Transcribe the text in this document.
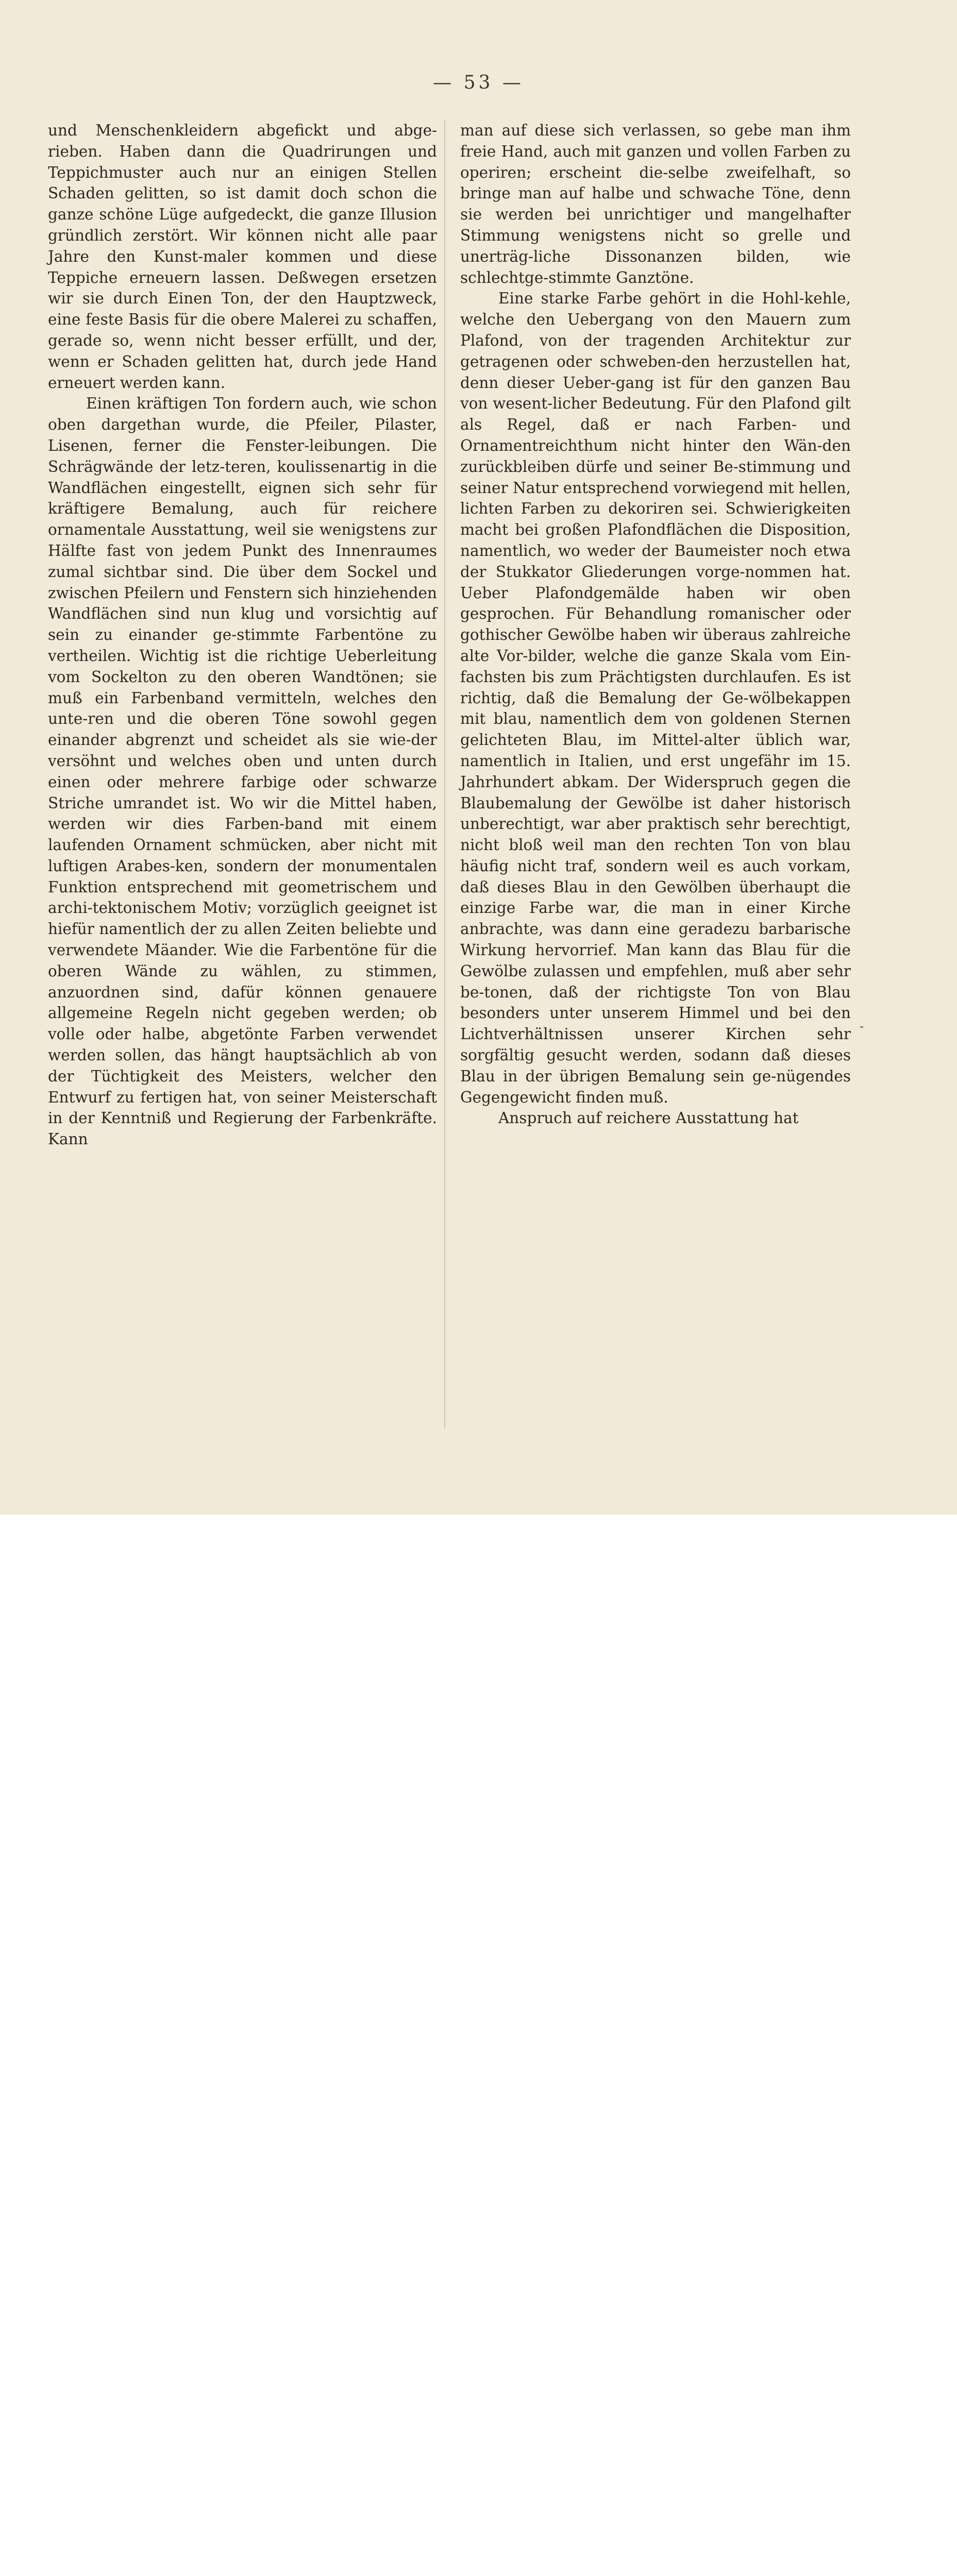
— 53 —

und Menschenkleidern abgefickt und abge-rieben. Haben dann die Quadrirungen und Teppichmuster auch nur an einigen Stellen Schaden gelitten, so ist damit doch schon die ganze schöne Lüge aufgedeckt, die ganze Illusion gründlich zerstört. Wir können nicht alle paar Jahre den Kunst-maler kommen und diese Teppiche erneuern lassen. Deßwegen ersetzen wir sie durch Einen Ton, der den Hauptzweck, eine feste Basis für die obere Malerei zu schaffen, gerade so, wenn nicht besser erfüllt, und der, wenn er Schaden gelitten hat, durch jede Hand erneuert werden kann.

Einen kräftigen Ton fordern auch, wie schon oben dargethan wurde, die Pfeiler, Pilaster, Lisenen, ferner die Fenster-leibungen. Die Schrägwände der letz-teren, koulissenartig in die Wandflächen eingestellt, eignen sich sehr für kräftigere Bemalung, auch für reichere ornamentale Ausstattung, weil sie wenigstens zur Hälfte fast von jedem Punkt des Innenraumes zumal sichtbar sind. Die über dem Sockel und zwischen Pfeilern und Fenstern sich hinziehenden Wandflächen sind nun klug und vorsichtig auf sein zu einander ge-stimmte Farbentöne zu vertheilen. Wichtig ist die richtige Ueberleitung vom Sockelton zu den oberen Wandtönen; sie muß ein Farbenband vermitteln, welches den unte-ren und die oberen Töne sowohl gegen einander abgrenzt und scheidet als sie wie-der versöhnt und welches oben und unten durch einen oder mehrere farbige oder schwarze Striche umrandet ist. Wo wir die Mittel haben, werden wir dies Farben-band mit einem laufenden Ornament schmücken, aber nicht mit luftigen Arabes-ken, sondern der monumentalen Funktion entsprechend mit geometrischem und archi-tektonischem Motiv; vorzüglich geeignet ist hiefür namentlich der zu allen Zeiten beliebte und verwendete Mäander. Wie die Farbentöne für die oberen Wände zu wählen, zu stimmen, anzuordnen sind, dafür können genauere allgemeine Regeln nicht gegeben werden; ob volle oder halbe, abgetönte Farben verwendet werden sollen, das hängt hauptsächlich ab von der Tüchtigkeit des Meisters, welcher den Entwurf zu fertigen hat, von seiner Meisterschaft in der Kenntniß und Regierung der Farbenkräfte. Kann

man auf diese sich verlassen, so gebe man ihm freie Hand, auch mit ganzen und vollen Farben zu operiren; erscheint die-selbe zweifelhaft, so bringe man auf halbe und schwache Töne, denn sie werden bei unrichtiger und mangelhafter Stimmung wenigstens nicht so grelle und unerträg-liche Dissonanzen bilden, wie schlechtge-stimmte Ganztöne.

Eine starke Farbe gehört in die Hohl-kehle, welche den Uebergang von den Mauern zum Plafond, von der tragenden Architektur zur getragenen oder schweben-den herzustellen hat, denn dieser Ueber-gang ist für den ganzen Bau von wesent-licher Bedeutung. Für den Plafond gilt als Regel, daß er nach Farben- und Ornamentreichthum nicht hinter den Wän-den zurückbleiben dürfe und seiner Be-stimmung und seiner Natur entsprechend vorwiegend mit hellen, lichten Farben zu dekoriren sei. Schwierigkeiten macht bei großen Plafondflächen die Disposition, namentlich, wo weder der Baumeister noch etwa der Stukkator Gliederungen vorge-nommen hat. Ueber Plafondgemälde haben wir oben gesprochen. Für Behandlung romanischer oder gothischer Gewölbe haben wir überaus zahlreiche alte Vor-bilder, welche die ganze Skala vom Ein-fachsten bis zum Prächtigsten durchlaufen. Es ist richtig, daß die Bemalung der Ge-wölbekappen mit blau, namentlich dem von goldenen Sternen gelichteten Blau, im Mittel-alter üblich war, namentlich in Italien, und erst ungefähr im 15. Jahrhundert abkam. Der Widerspruch gegen die Blaubemalung der Gewölbe ist daher historisch unberechtigt, war aber praktisch sehr berechtigt, nicht bloß weil man den rechten Ton von blau häufig nicht traf, sondern weil es auch vorkam, daß dieses Blau in den Gewölben überhaupt die einzige Farbe war, die man in einer Kirche anbrachte, was dann eine geradezu barbarische Wirkung hervorrief. Man kann das Blau für die Gewölbe zulassen und empfehlen, muß aber sehr be-tonen, daß der richtigste Ton von Blau besonders unter unserem Himmel und bei den Lichtverhältnissen unserer Kirchen sehr sorgfältig gesucht werden, sodann daß dieses Blau in der übrigen Bemalung sein ge-nügendes Gegengewicht finden muß.

Anspruch auf reichere Ausstattung hat
